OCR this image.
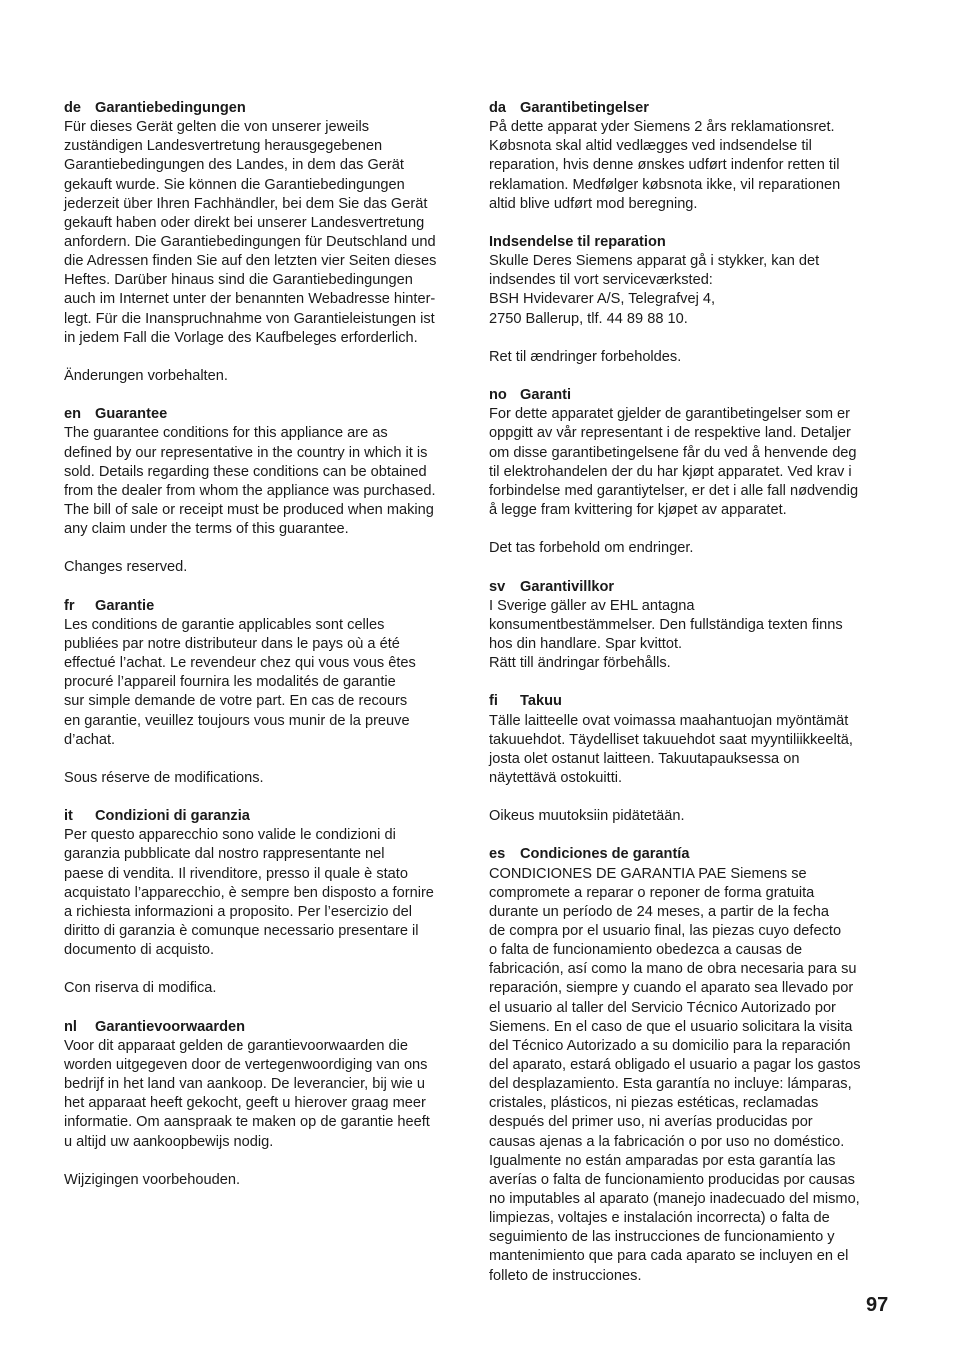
de Garantiebedingungen
Für dieses Gerät gelten die von unserer jeweils
zuständigen Landesvertretung herausgegebenen
Garantiebedingungen des Landes, in dem das Gerät
gekauft wurde. Sie können die Garantiebedingungen
jederzeit über Ihren Fachhändler, bei dem Sie das Gerät
gekauft haben oder direkt bei unserer Landesvertretung
anfordern. Die Garantiebedingungen für Deutschland und
die Adressen finden Sie auf den letzten vier Seiten dieses
Heftes. Darüber hinaus sind die Garantiebedingungen
auch im Internet unter der benannten Webadresse hinter-
legt. Für die Inanspruchnahme von Garantieleistungen ist
in jedem Fall die Vorlage des Kaufbeleges erforderlich.
Änderungen vorbehalten.
en Guarantee
The guarantee conditions for this appliance are as
defined by our representative in the country in which it is
sold. Details regarding these conditions can be obtained
from the dealer from whom the appliance was purchased.
The bill of sale or receipt must be produced when making
any claim under the terms of this guarantee.
Changes reserved.
fr Garantie
Les conditions de garantie applicables sont celles
publiées par notre distributeur dans le pays où a été
effectué l’achat. Le revendeur chez qui vous vous êtes
procuré l’appareil fournira les modalités de garantie
sur simple demande de votre part. En cas de recours
en garantie, veuillez toujours vous munir de la preuve
d’achat.
Sous réserve de modifications.
it Condizioni di garanzia
Per questo apparecchio sono valide le condizioni di
garanzia pubblicate dal nostro rappresentante nel
paese di vendita. Il rivenditore, presso il quale è stato
acquistato l’apparecchio, è sempre ben disposto a fornire
a richiesta informazioni a proposito. Per l’esercizio del
diritto di garanzia è comunque necessario presentare il
documento di acquisto.
Con riserva di modifica.
nl Garantievoorwaarden
Voor dit apparaat gelden de garantievoorwaarden die
worden uitgegeven door de vertegenwoordiging van ons
bedrijf in het land van aankoop. De leverancier, bij wie u
het apparaat heeft gekocht, geeft u hierover graag meer
informatie. Om aanspraak te maken op de garantie heeft
u altijd uw aankoopbewijs nodig.
Wijzigingen voorbehouden.
da Garantibetingelser
På dette apparat yder Siemens 2 års reklamationsret.
Købsnota skal altid vedlægges ved indsendelse til
reparation, hvis denne ønskes udført indenfor retten til
reklamation. Medfølger købsnota ikke, vil reparationen
altid blive udført mod beregning.
Indsendelse til reparation
Skulle Deres Siemens apparat gå i stykker, kan det
indsendes til vort serviceværksted:
BSH Hvidevarer A/S, Telegrafvej 4,
2750 Ballerup, tlf. 44 89 88 10.
Ret til ændringer forbeholdes.
no Garanti
For dette apparatet gjelder de garantibetingelser som er
oppgitt av vår representant i de respektive land. Detaljer
om disse garantibetingelsene får du ved å henvende deg
til elektrohandelen der du har kjøpt apparatet. Ved krav i
forbindelse med garantiytelser, er det i alle fall nødvendig
å legge fram kvittering for kjøpet av apparatet.
Det tas forbehold om endringer.
sv Garantivillkor
I Sverige gäller av EHL antagna
konsumentbestämmelser. Den fullständiga texten finns
hos din handlare. Spar kvittot.
Rätt till ändringar förbehålls.
fi Takuu
Tälle laitteelle ovat voimassa maahantuojan myöntämät
takuuehdot. Täydelliset takuuehdot saat myyntiliikkeeltä,
josta olet ostanut laitteen. Takuutapauksessa on
näytettävä ostokuitti.
Oikeus muutoksiin pidätetään.
es Condiciones de garantía
CONDICIONES DE GARANTIA PAE Siemens se
compromete a reparar o reponer de forma gratuita
durante un período de 24 meses, a partir de la fecha
de compra por el usuario final, las piezas cuyo defecto
o falta de funcionamiento obedezca a causas de
fabricación, así como la mano de obra necesaria para su
reparación, siempre y cuando el aparato sea llevado por
el usuario al taller del Servicio Técnico Autorizado por
Siemens. En el caso de que el usuario solicitara la visita
del Técnico Autorizado a su domicilio para la reparación
del aparato, estará obligado el usuario a pagar los gastos
del desplazamiento. Esta garantía no incluye: lámparas,
cristales, plásticos, ni piezas estéticas, reclamadas
después del primer uso, ni averías producidas por
causas ajenas a la fabricación o por uso no doméstico.
Igualmente no están amparadas por esta garantía las
averías o falta de funcionamiento producidas por causas
no imputables al aparato (manejo inadecuado del mismo,
limpiezas, voltajes e instalación incorrecta) o falta de
seguimiento de las instrucciones de funcionamiento y
mantenimiento que para cada aparato se incluyen en el
folleto de instrucciones.
97
